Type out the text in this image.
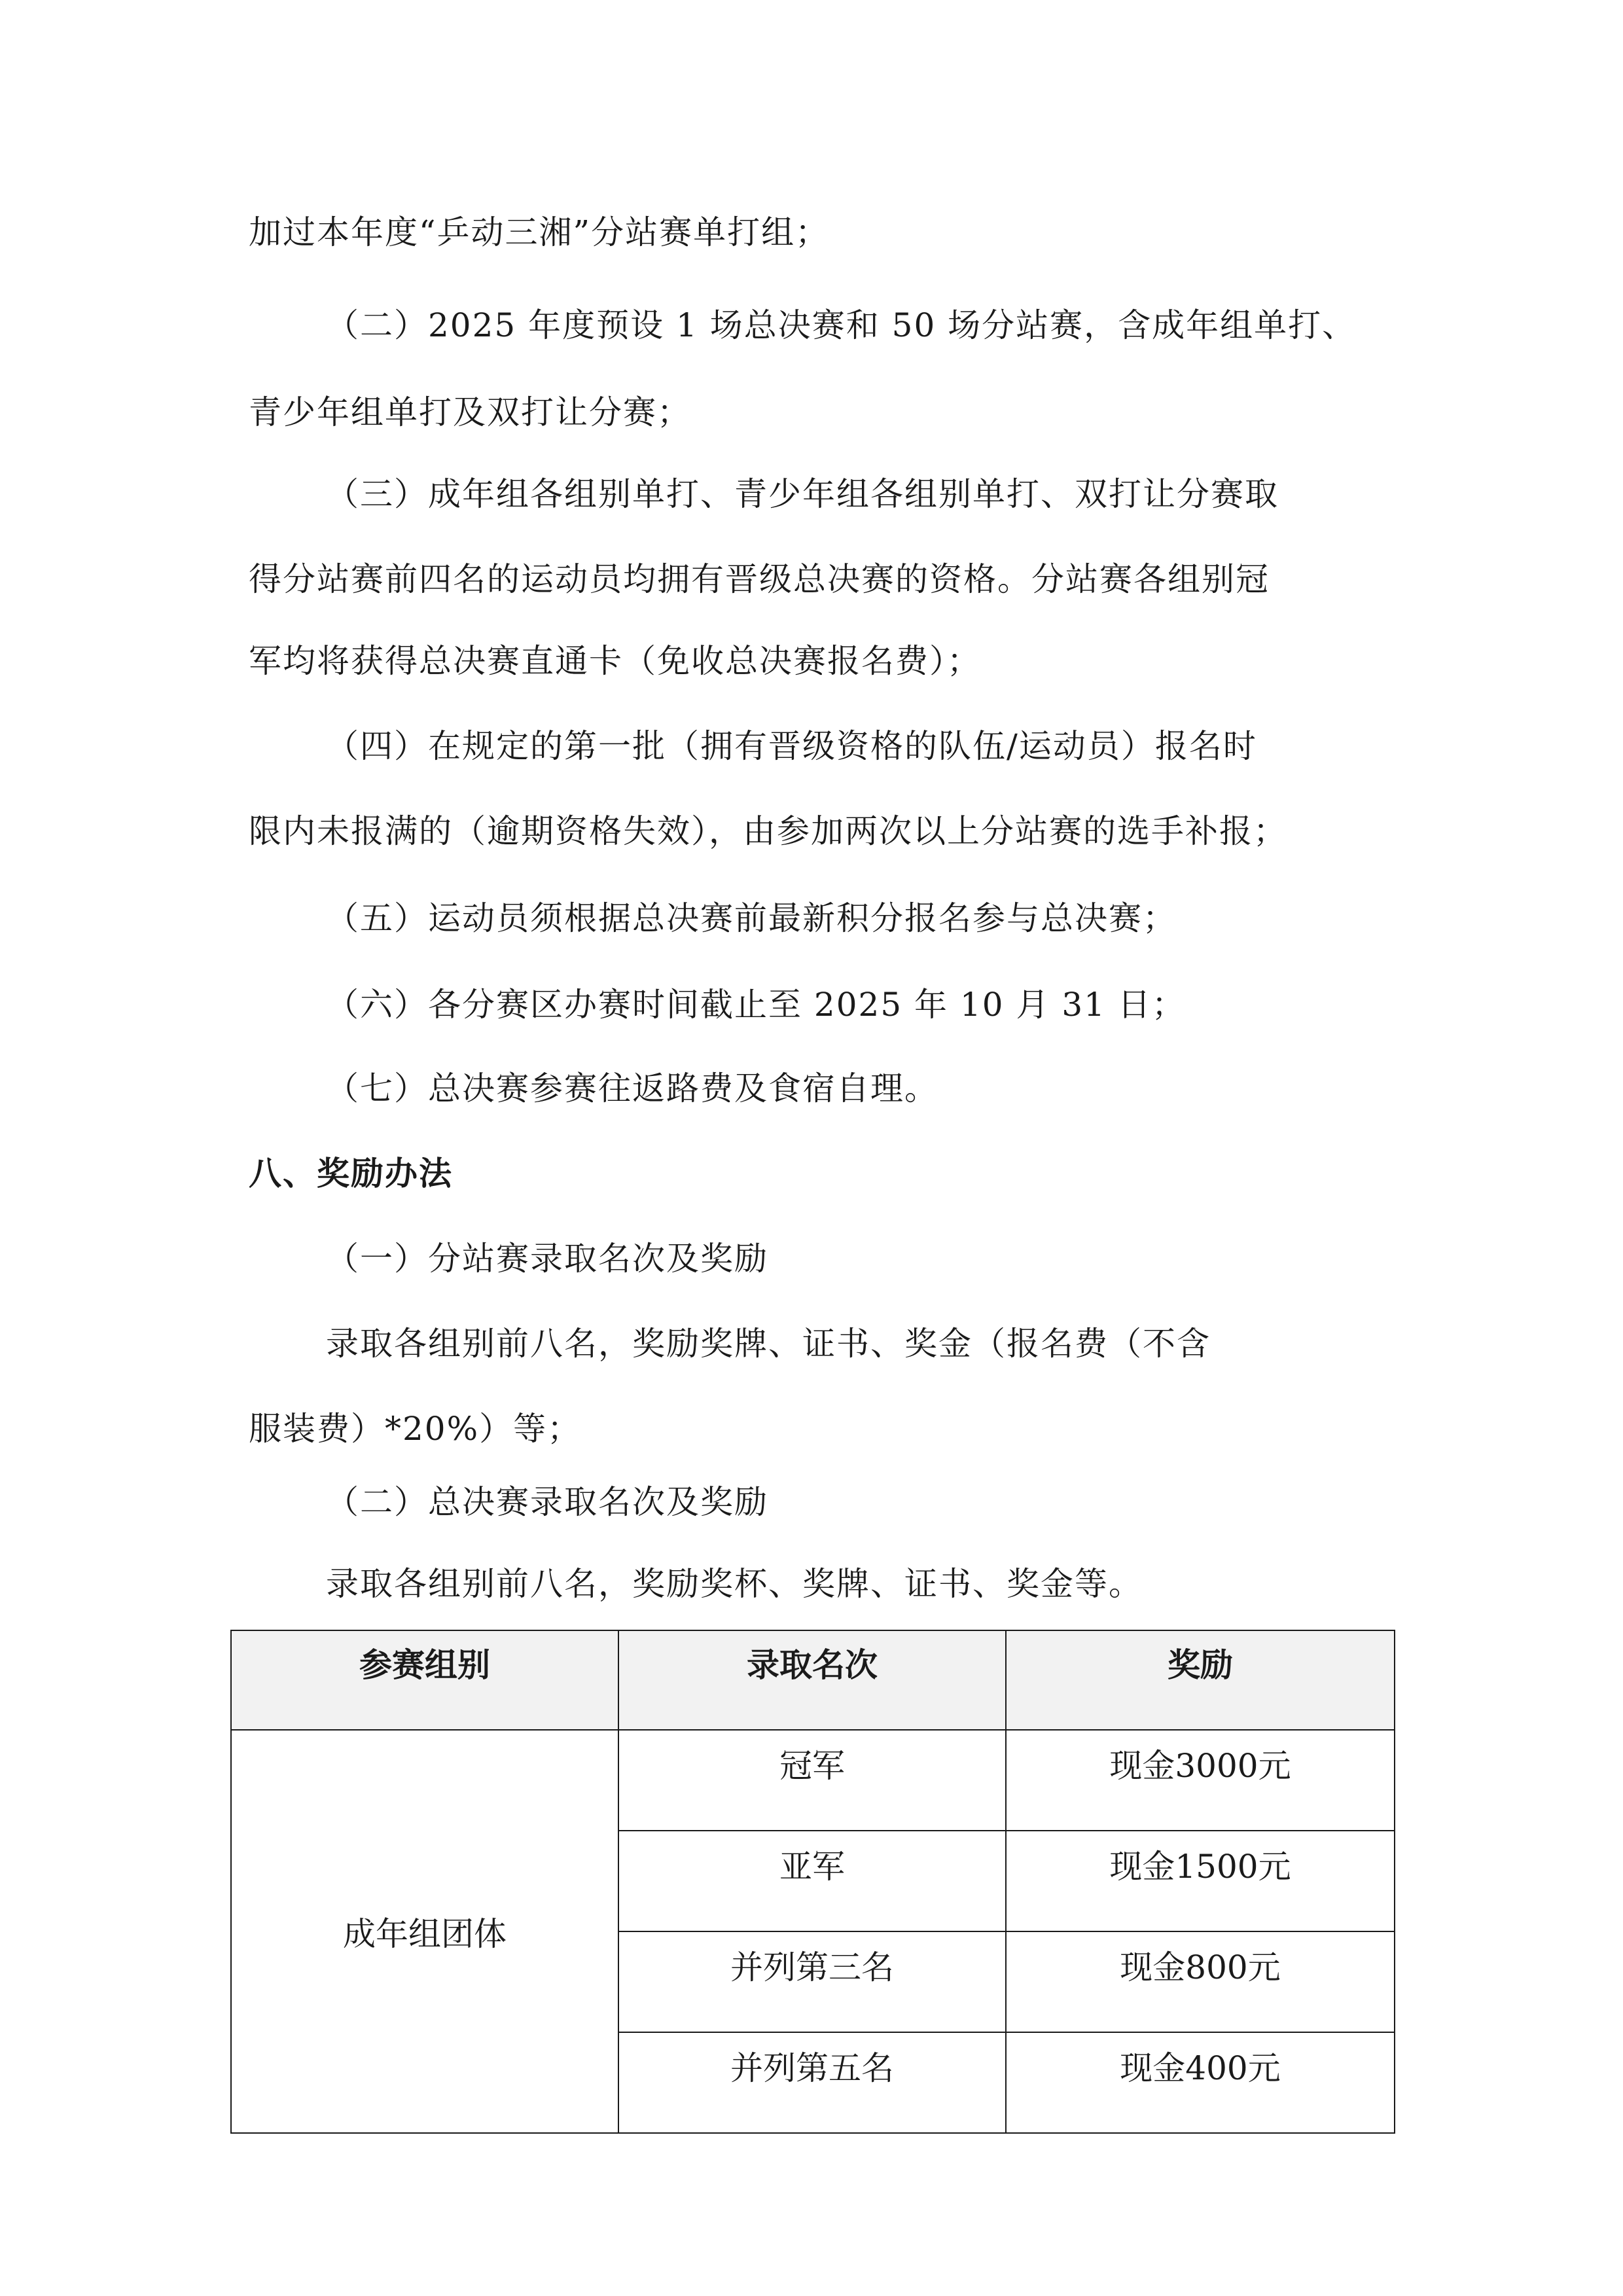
加过本年度“乒动三湘”分站赛单打组；
（二）2025 年度预设 1 场总决赛和 50 场分站赛，含成年组单打、
青少年组单打及双打让分赛；
（三）成年组各组别单打、青少年组各组别单打、双打让分赛取
得分站赛前四名的运动员均拥有晋级总决赛的资格。分站赛各组别冠
军均将获得总决赛直通卡（免收总决赛报名费）；
（四）在规定的第一批（拥有晋级资格的队伍/运动员）报名时
限内未报满的（逾期资格失效），由参加两次以上分站赛的选手补报；
（五）运动员须根据总决赛前最新积分报名参与总决赛；
（六）各分赛区办赛时间截止至 2025 年 10 月 31 日；
（七）总决赛参赛往返路费及食宿自理。
八、奖励办法
（一）分站赛录取名次及奖励
录取各组别前八名，奖励奖牌、证书、奖金（报名费（不含
服装费）*20%）等；
（二）总决赛录取名次及奖励
录取各组别前八名，奖励奖杯、奖牌、证书、奖金等。
参赛组别	录取名次	奖励
成年组团体	冠军	现金3000元
	亚军	现金1500元
	并列第三名	现金800元
	并列第五名	现金400元
